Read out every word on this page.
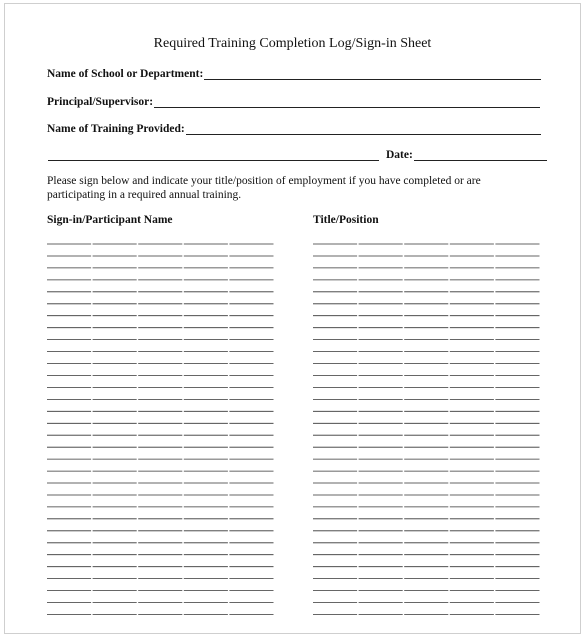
Required Training Completion Log/Sign-in Sheet
Name of School or Department:
Principal/Supervisor:
Name of Training Provided:
Date:
Please sign below and indicate your title/position of employment if you have completed or are participating in a required annual training.
Sign-in/Participant Name	Title/Position
